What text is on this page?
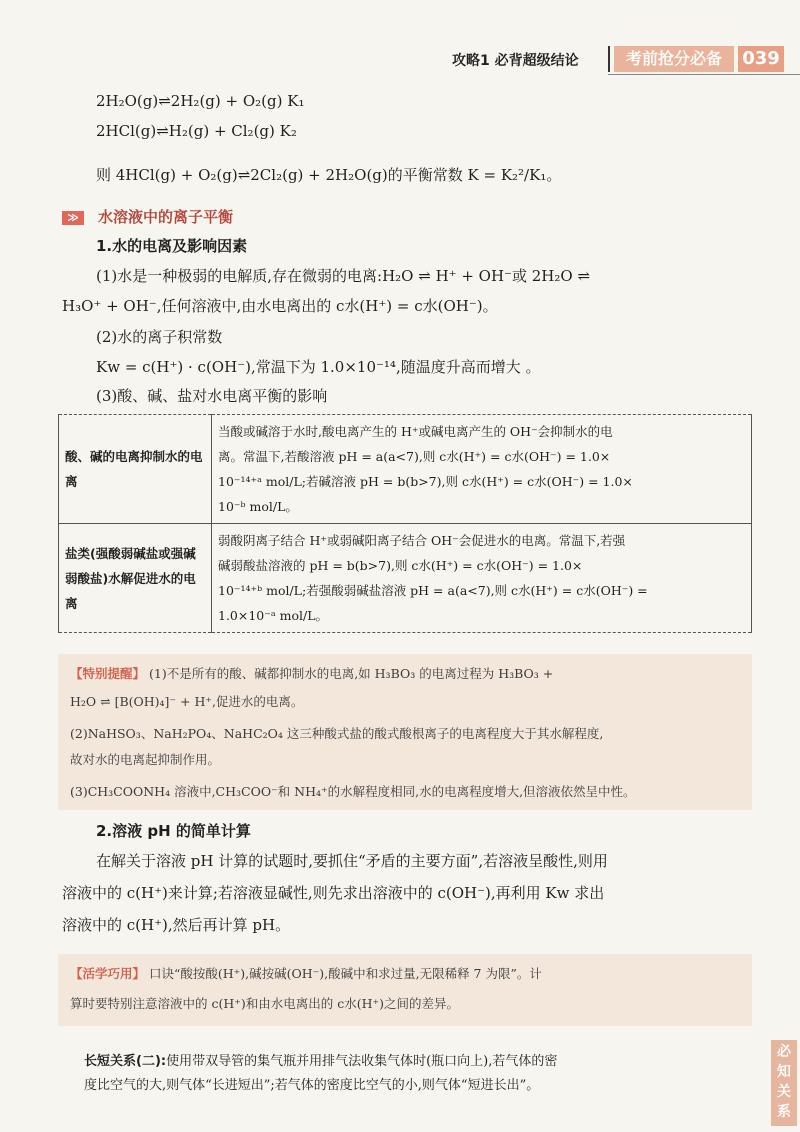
攻略1 必背超级结论	考前抢分必备	039
2H₂O(g)⇌2H₂(g) + O₂(g) K₁
2HCl(g)⇌H₂(g) + Cl₂(g) K₂
则 4HCl(g) + O₂(g)⇌2Cl₂(g) + 2H₂O(g)的平衡常数 K = K₂²/K₁。
≫ 水溶液中的离子平衡
1.水的电离及影响因素
(1)水是一种极弱的电解质,存在微弱的电离:H₂O ⇌ H⁺ + OH⁻或 2H₂O ⇌
H₃O⁺ + OH⁻,任何溶液中,由水电离出的 c水(H⁺) = c水(OH⁻)。
(2)水的离子积常数
Kw = c(H⁺) · c(OH⁻),常温下为 1.0×10⁻¹⁴,随温度升高而增大 。
(3)酸、碱、盐对水电离平衡的影响
酸、碱的电离抑制水的电离	当酸或碱溶于水时,酸电离产生的 H⁺或碱电离产生的 OH⁻会抑制水的电
离。常温下,若酸溶液 pH = a(a<7),则 c水(H⁺) = c水(OH⁻) = 1.0×
10⁻¹⁴⁺ᵃ mol/L;若碱溶液 pH = b(b>7),则 c水(H⁺) = c水(OH⁻) = 1.0×
10⁻ᵇ mol/L。

盐类(强酸弱碱盐或强碱弱酸盐)水解促进水的电离	弱酸阴离子结合 H⁺或弱碱阳离子结合 OH⁻会促进水的电离。常温下,若强
碱弱酸盐溶液的 pH = b(b>7),则 c水(H⁺) = c水(OH⁻) = 1.0×
10⁻¹⁴⁺ᵇ mol/L;若强酸弱碱盐溶液 pH = a(a<7),则 c水(H⁺) = c水(OH⁻) =
1.0×10⁻ᵃ mol/L。
【特别提醒】 (1)不是所有的酸、碱都抑制水的电离,如 H₃BO₃ 的电离过程为 H₃BO₃ +
H₂O ⇌ [B(OH)₄]⁻ + H⁺,促进水的电离。
(2)NaHSO₃、NaH₂PO₄、NaHC₂O₄ 这三种酸式盐的酸式酸根离子的电离程度大于其水解程度,
故对水的电离起抑制作用。
(3)CH₃COONH₄ 溶液中,CH₃COO⁻和 NH₄⁺的水解程度相同,水的电离程度增大,但溶液依然呈中性。
2.溶液 pH 的简单计算
在解关于溶液 pH 计算的试题时,要抓住“矛盾的主要方面”,若溶液呈酸性,则用
溶液中的 c(H⁺)来计算;若溶液显碱性,则先求出溶液中的 c(OH⁻),再利用 Kw 求出
溶液中的 c(H⁺),然后再计算 pH。
【活学巧用】 口诀“酸按酸(H⁺),碱按碱(OH⁻),酸碱中和求过量,无限稀释 7 为限”。计
算时要特别注意溶液中的 c(H⁺)和由水电离出的 c水(H⁺)之间的差异。
长短关系(二):使用带双导管的集气瓶并用排气法收集气体时(瓶口向上),若气体的密
度比空气的大,则气体“长进短出”;若气体的密度比空气的小,则气体“短进长出”。
必知关系
